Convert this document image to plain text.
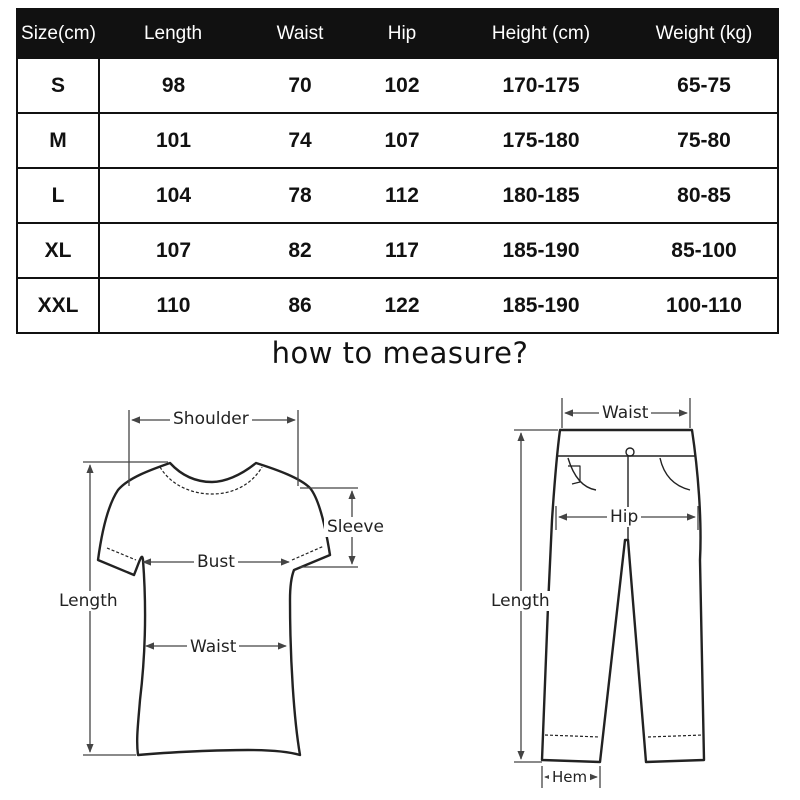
Size(cm)	Length	Waist	Hip	Height (cm)	Weight (kg)
S	98	70	102	170-175	65-75
M	101	74	107	175-180	75-80
L	104	78	112	180-185	80-85
XL	107	82	117	185-190	85-100
XXL	110	86	122	185-190	100-110
how to measure?
Shoulder
Sleeve
Bust
Length
Waist
Waist
Hip
Length
Hem
